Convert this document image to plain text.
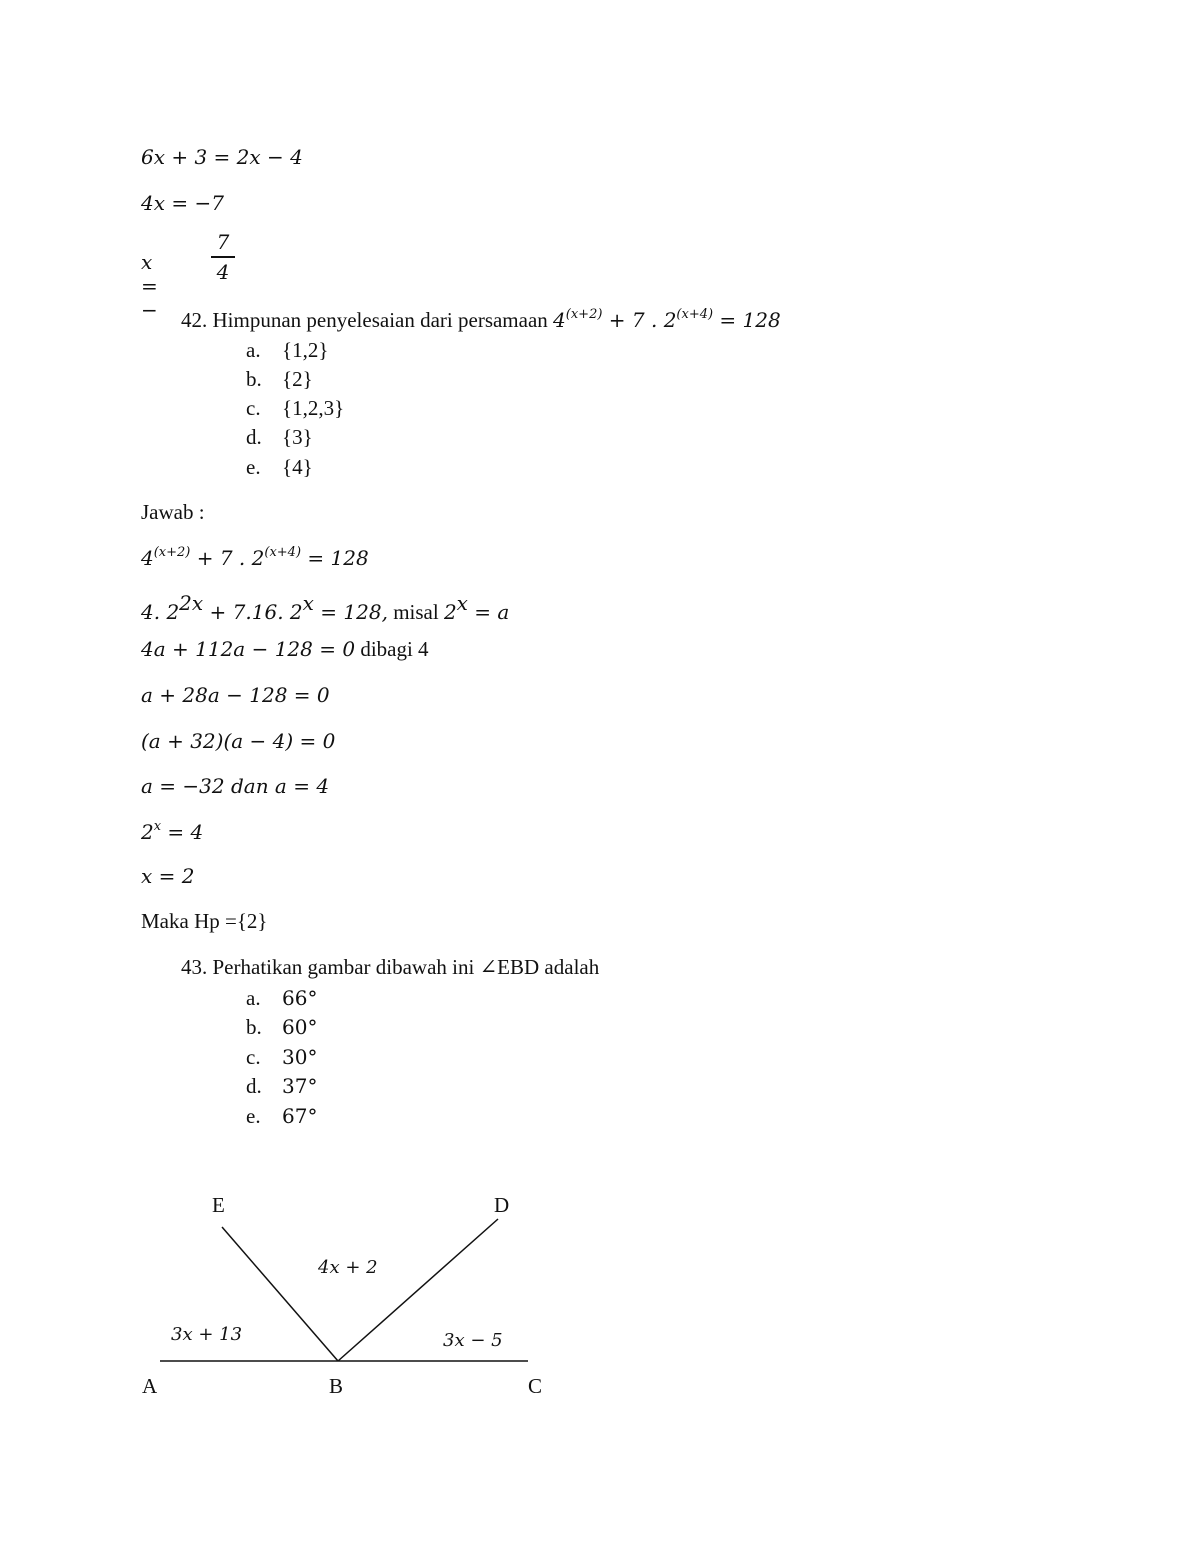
6x + 3 = 2x − 4
4x = −7
x = −
7
4
42. Himpunan penyelesaian dari persamaan $4^{(x+2)} + 7$ . $2^{(x+4)} = 128$
a. {1,2}
b. {2}
c. {1,2,3}
d. {3}
e. {4}
Jawab :
$4^{(x+2)} + 7$ . $2^{(x+4)} = 128$
4. $2^{2x} + 7.16$. $2^x = 128$, misal $2^x = a$
4a + 112a − 128 = 0 dibagi 4
a + 28a − 128 = 0
(a + 32)(a − 4) = 0
a = −32 dan a = 4
$2^x = 4$
x = 2
Maka Hp ={2}
43. Perhatikan gambar dibawah ini ∠EBD adalah
a. 66°
b. 60°
c. 30°
d. 37°
e. 67°
E	D
A	B	C
4x + 2
3x + 13	3x − 5
